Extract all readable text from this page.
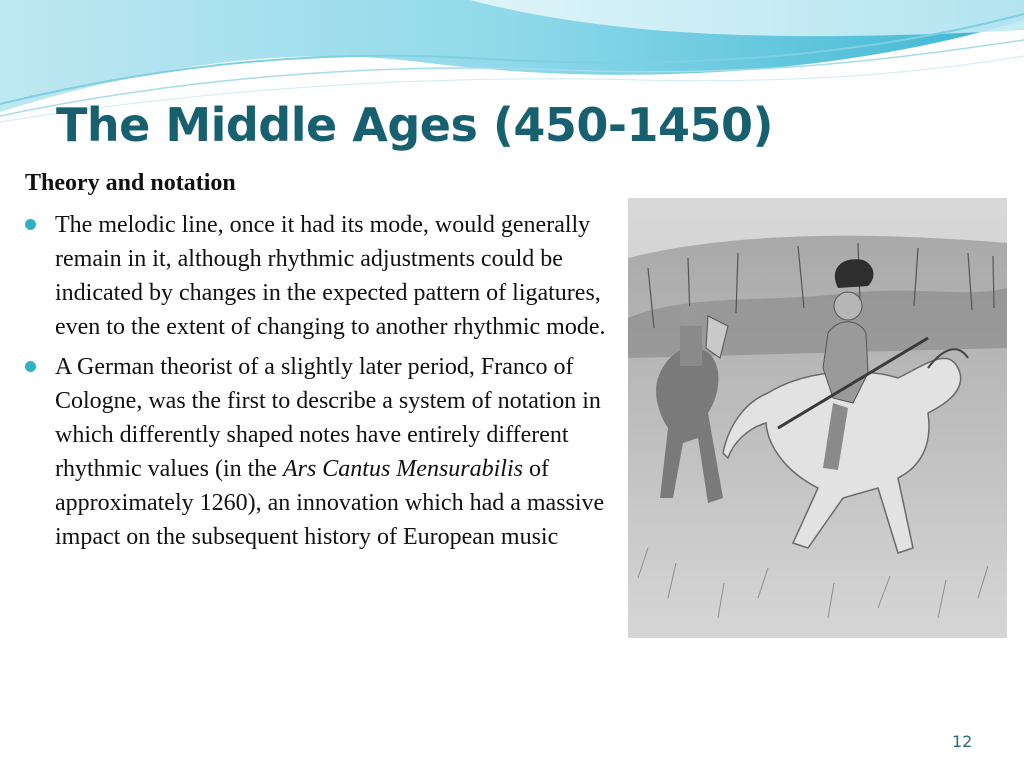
The Middle Ages (450-1450)
Theory and notation
The melodic line, once it had its mode, would generally remain in it, although rhythmic adjustments could be indicated by changes in the expected pattern of ligatures, even to the extent of changing to another rhythmic mode.
A German theorist of a slightly later period, Franco of Cologne, was the first to describe a system of notation in which differently shaped notes have entirely different rhythmic values (in the Ars Cantus Mensurabilis of approximately 1260), an innovation which had a massive impact on the subsequent history of European music
12
